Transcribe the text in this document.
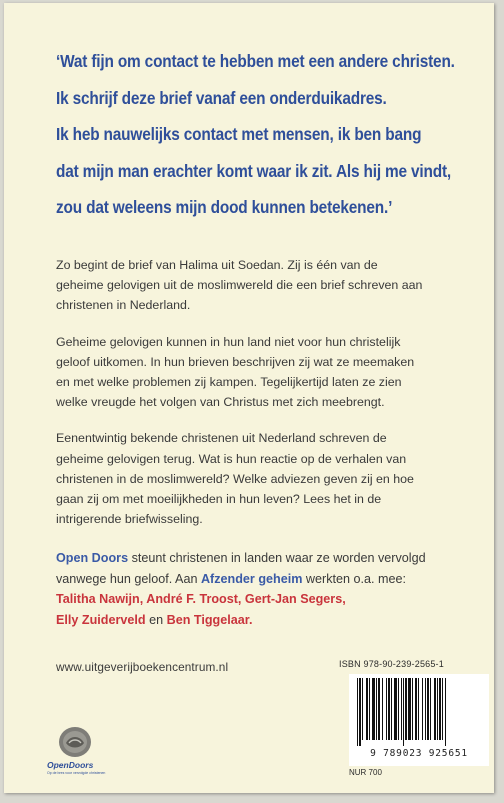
‘Wat fijn om contact te hebben met een andere christen.
Ik schrijf deze brief vanaf een onderduikadres.
Ik heb nauwelijks contact met mensen, ik ben bang
dat mijn man erachter komt waar ik zit. Als hij me vindt,
zou dat weleens mijn dood kunnen betekenen.’
Zo begint de brief van Halima uit Soedan. Zij is één van de
geheime gelovigen uit de moslimwereld die een brief schreven aan
christenen in Nederland.
Geheime gelovigen kunnen in hun land niet voor hun christelijk
geloof uitkomen. In hun brieven beschrijven zij wat ze meemaken
en met welke problemen zij kampen. Tegelijkertijd laten ze zien
welke vreugde het volgen van Christus met zich meebrengt.
Eenentwintig bekende christenen uit Nederland schreven de
geheime gelovigen terug. Wat is hun reactie op de verhalen van
christenen in de moslimwereld? Welke adviezen geven zij en hoe
gaan zij om met moeilijkheden in hun leven? Lees het in de
intrigerende briefwisseling.
Open Doors steunt christenen in landen waar ze worden vervolgd
vanwege hun geloof. Aan Afzender geheim werkten o.a. mee:
Talitha Nawijn, André F. Troost, Gert-Jan Segers,
Elly Zuiderveld en Ben Tiggelaar.
www.uitgeverijboekencentrum.nl
OpenDoors
Op de bres voor vervolgde christenen
ISBN 978-90-239-2565-1
9 789023 925651
NUR 700
